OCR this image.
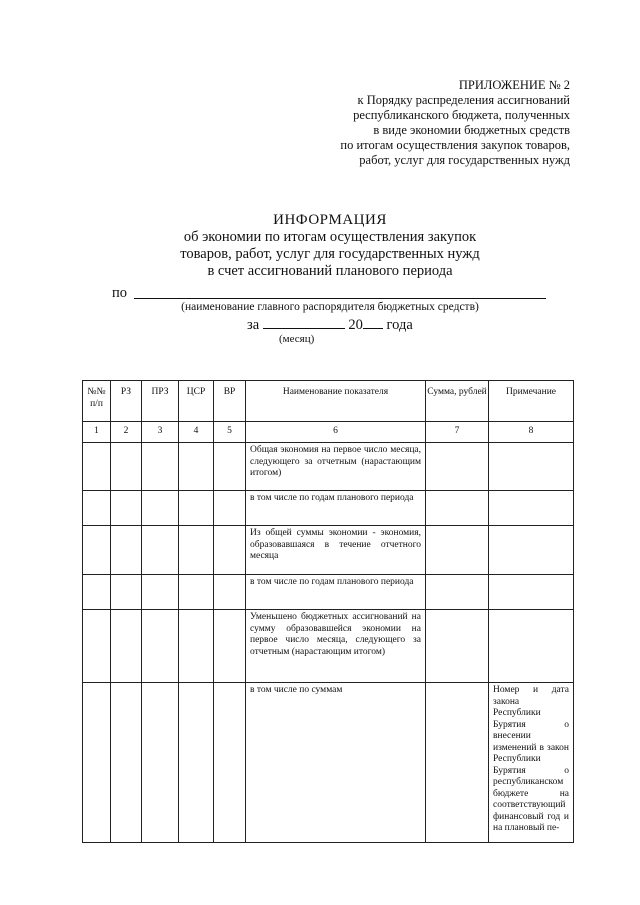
ПРИЛОЖЕНИЕ № 2
к Порядку распределения ассигнований
республиканского бюджета, полученных
в виде экономии бюджетных средств
по итогам осуществления закупок товаров,
работ, услуг для государственных нужд
ИНФОРМАЦИЯ
об экономии по итогам осуществления закупок
товаров, работ, услуг для государственных нужд
в счет ассигнований планового периода
по
(наименование главного распорядителя бюджетных средств)
за	20 года
(месяц)
№№ п/п	РЗ	ПРЗ	ЦСР	ВР	Наименование показателя	Сумма, рублей	Примечание
1	2	3	4	5	6	7	8
					Общая экономия на первое число месяца, следующего за отчетным (нарастающим итогом)		
					в том числе по годам планового периода		
					Из общей суммы экономии - экономия, образовавшаяся в течение отчетного месяца		
					в том числе по годам планового периода		
					Уменьшено бюджетных ассигнований на сумму образовавшейся экономии на первое число месяца, следующего за отчетным (нарастающим итогом)		
					в том числе по суммам		Номер и дата закона Республики Бурятия о внесении изменений в закон Республики Бурятия о республиканском бюджете на соответствующий финансовый год и на плановый пе-
